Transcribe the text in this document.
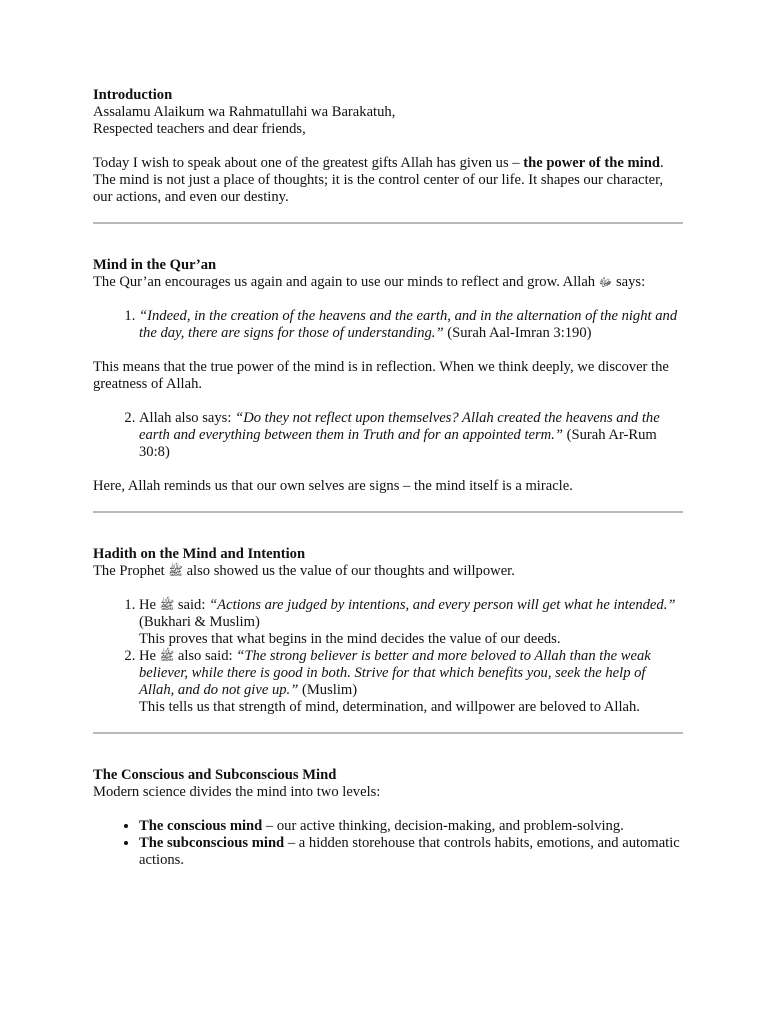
Introduction

Assalamu Alaikum wa Rahmatullahi wa Barakatuh,

Respected teachers and dear friends,

Today I wish to speak about one of the greatest gifts Allah has given us – the power of the mind. The mind is not just a place of thoughts; it is the control center of our life. It shapes our character, our actions, and even our destiny.

Mind in the Qur’an

The Qur’an encourages us again and again to use our minds to reflect and grow. Allah ﷻ says:

1. “Indeed, in the creation of the heavens and the earth, and in the alternation of the night and the day, there are signs for those of understanding.” (Surah Aal-Imran 3:190)

This means that the true power of the mind is in reflection. When we think deeply, we discover the greatness of Allah.

2. Allah also says: “Do they not reflect upon themselves? Allah created the heavens and the earth and everything between them in Truth and for an appointed term.” (Surah Ar-Rum 30:8)

Here, Allah reminds us that our own selves are signs – the mind itself is a miracle.

Hadith on the Mind and Intention

The Prophet ﷺ also showed us the value of our thoughts and willpower.

1. He ﷺ said: “Actions are judged by intentions, and every person will get what he intended.” (Bukhari & Muslim)
This proves that what begins in the mind decides the value of our deeds.
2. He ﷺ also said: “The strong believer is better and more beloved to Allah than the weak believer, while there is good in both. Strive for that which benefits you, seek the help of Allah, and do not give up.” (Muslim)
This tells us that strength of mind, determination, and willpower are beloved to Allah.
The Conscious and Subconscious Mind

Modern science divides the mind into two levels:

• The conscious mind – our active thinking, decision-making, and problem-solving.
• The subconscious mind – a hidden storehouse that controls habits, emotions, and automatic actions.
